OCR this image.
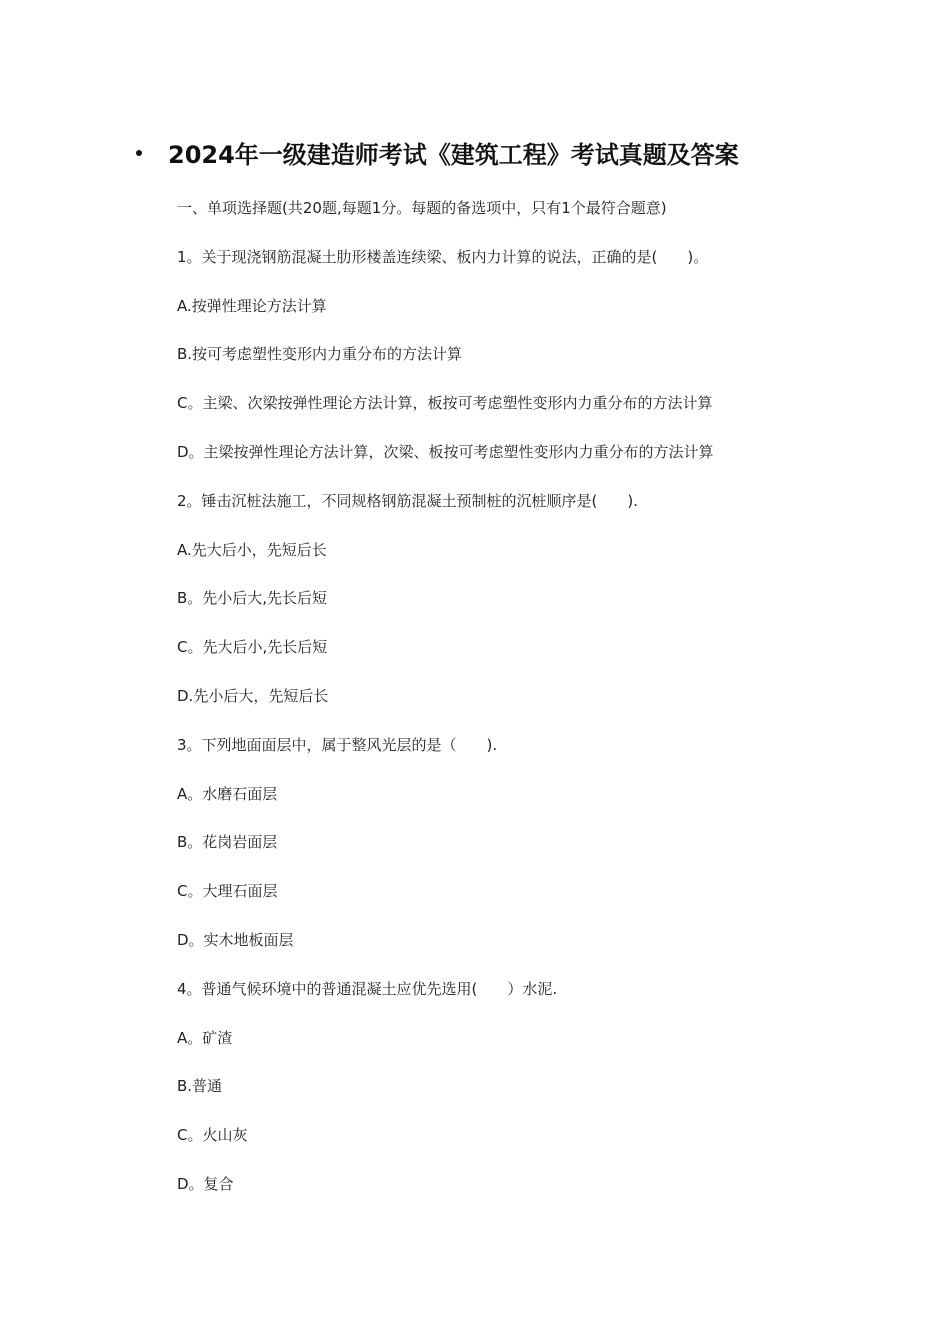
2024年一级建造师考试《建筑工程》考试真题及答案
一、单项选择题(共20题,每题1分。每题的备选项中，只有1个最符合题意)
1。关于现浇钢筋混凝土肋形楼盖连续梁、板内力计算的说法，正确的是(　　)。
A.按弹性理论方法计算
B.按可考虑塑性变形内力重分布的方法计算
C。主梁、次梁按弹性理论方法计算，板按可考虑塑性变形内力重分布的方法计算
D。主梁按弹性理论方法计算，次梁、板按可考虑塑性变形内力重分布的方法计算
2。锤击沉桩法施工，不同规格钢筋混凝土预制桩的沉桩顺序是(　　).
A.先大后小，先短后长
B。先小后大,先长后短
C。先大后小,先长后短
D.先小后大，先短后长
3。下列地面面层中，属于整风光层的是（　　).
A。水磨石面层
B。花岗岩面层
C。大理石面层
D。实木地板面层
4。普通气候环境中的普通混凝土应优先选用(　　）水泥.
A。矿渣
B.普通
C。火山灰
D。复合
